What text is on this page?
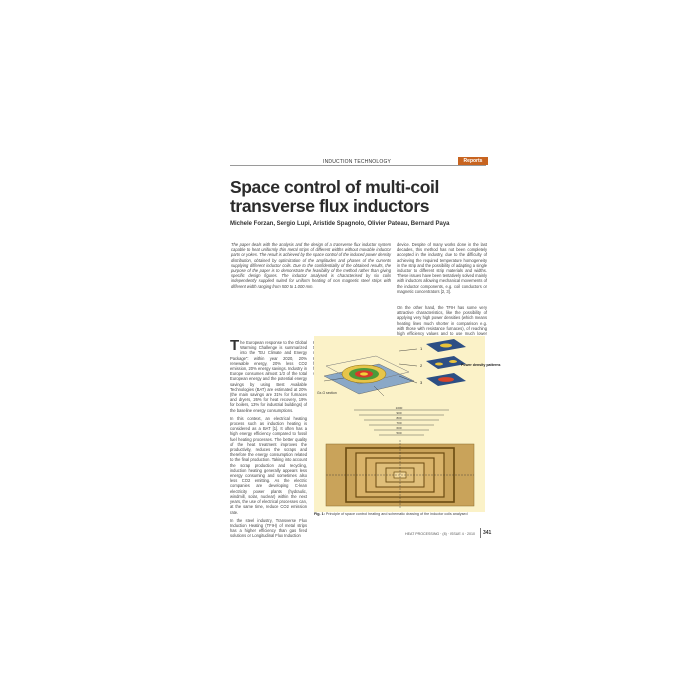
INDUCTION TECHNOLOGY	Reports
Space control of multi-coil transverse flux inductors
Michele Forzan, Sergio Lupi, Aristide Spagnolo, Olivier Pateau, Bernard Paya

The paper deals with the analysis and the design of a transverse flux inductor system capable to heat uniformly thin metal strips of different widths without movable inductor parts or yokes. The result is achieved by the space control of the induced power density distribution, obtained by optimization of the amplitudes and phases of the currents supplying different inductor coils. Due to the confidentiality of the obtained results, the purpose of the paper is to demonstrate the feasibility of the method rather than giving specific design figures. The inductor analysed is characterised by six coils independently supplied suited for uniform heating of non magnetic steel strips with different width ranging from 500 to 1.000 mm.

device. Despite of many works done in the last decades, this method has not been completely accepted in the industry, due to the difficulty of achieving the required temperature homogeneity in the strip and the possibility of adapting a single inductor to different strip materials and widths. These issues have been tentatively solved mainly with inductors allowing mechanical movements of the inductor components, e.g. coil conductors or magnetic concentrators [2, 3].

The European response to the Global Warming Challenge is summarized into the "EU Climate and Energy Package": within year 2020, 20% renewable energy, 20% less CO2 emission, 20% energy savings. Industry in Europe consumes almost 1/3 of the total European energy and the potential energy savings by using Best Available Technologies (BAT) are estimated at 20% (the main savings are 31% for furnaces and dryers, 26% for heat recovery, 19% for boilers, 13% for industrial buildings) of the baseline energy consumptions.

In this context, an electrical heating process such as induction heating is considered as a BAT [1]. It often has a high energy efficiency compared to fossil fuel heating processes. The better quality of the heat treatment improves the productivity, reduces the scraps and therefore the energy consumption related to the final production. Taking into account the scrap production and recycling, induction heating generally appears less energy consuming and sometimes also less CO2 emitting. As the electric companies are developing C-lean electricity power plants (hydraulic, windmill, solar, nuclear) within the next years, the use of electrical processes can, at the same time, reduce CO2 emission rate.

In the steel industry, Transverse Flux Induction Heating (TFIH) of metal strips has a higher efficiency than gas fired solutions or Longitudinal Flux Induction

On the other hand, the TFIH has some very attractive characteristics, like the possibility of applying very high power densities (which means heating lines much shorter in comparison e.g. with those with resistance furnaces), of reaching high efficiency values and to use much lower

Gx-G section
1
2
3
Power density patterns
1000
900
800
700
600
500

Fig. 1: Principle of space control heating and schematic drawing of the inductor coils analysed

HEAT PROCESSING · (8) · ISSUE 4 · 2010 341
